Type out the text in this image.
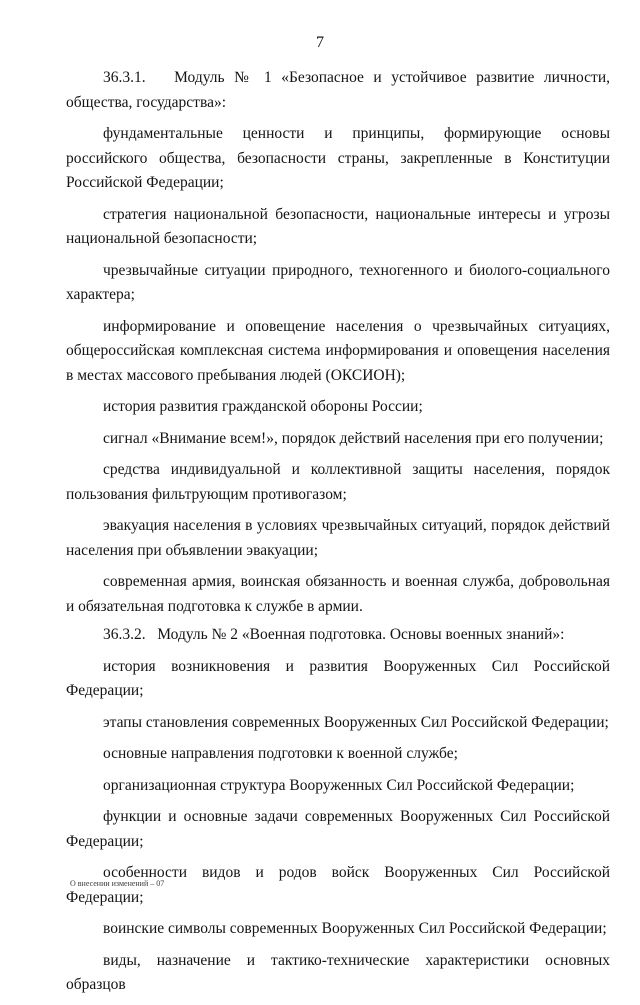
7

36.3.1.   Модуль № 1 «Безопасное и устойчивое развитие личности, общества, государства»:

фундаментальные ценности и принципы, формирующие основы российского общества, безопасности страны, закрепленные в Конституции Российской Федерации;

стратегия национальной безопасности, национальные интересы и угрозы национальной безопасности;

чрезвычайные ситуации природного, техногенного и биолого-социального характера;

информирование и оповещение населения о чрезвычайных ситуациях, общероссийская комплексная система информирования и оповещения населения в местах массового пребывания людей (ОКСИОН);

история развития гражданской обороны России;

сигнал «Внимание всем!», порядок действий населения при его получении;

средства индивидуальной и коллективной защиты населения, порядок пользования фильтрующим противогазом;

эвакуация населения в условиях чрезвычайных ситуаций, порядок действий населения при объявлении эвакуации;

современная армия, воинская обязанность и военная служба, добровольная и обязательная подготовка к службе в армии.

36.3.2.   Модуль № 2 «Военная подготовка. Основы военных знаний»:

история возникновения и развития Вооруженных Сил Российской Федерации;

этапы становления современных Вооруженных Сил Российской Федерации;

основные направления подготовки к военной службе;

организационная структура Вооруженных Сил Российской Федерации;

функции и основные задачи современных Вооруженных Сил Российской Федерации;

особенности видов и родов войск Вооруженных Сил Российской Федерации;

воинские символы современных Вооруженных Сил Российской Федерации;

виды, назначение и тактико-технические характеристики основных образцов

О внесении изменений – 07
